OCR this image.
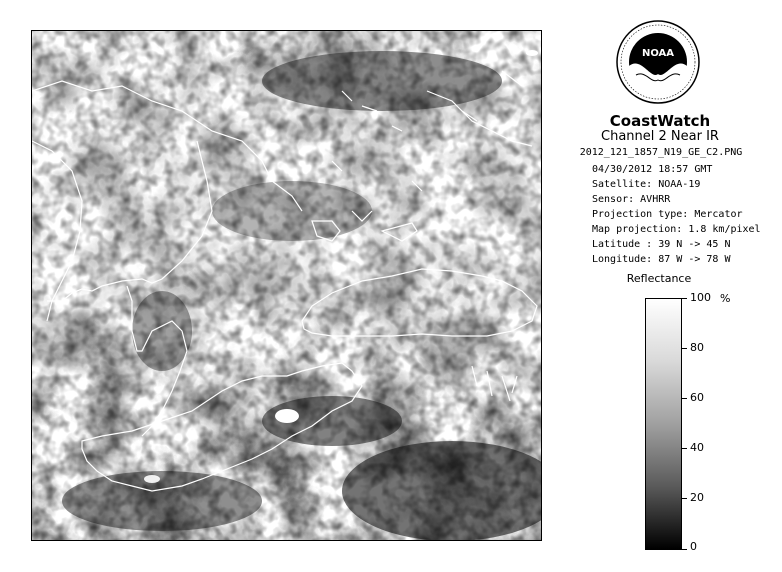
NOAA
CoastWatch
Channel 2 Near IR
2012_121_1857_N19_GE_C2.PNG
04/30/2012 18:57 GMT
Satellite: NOAA-19
Sensor: AVHRR
Projection type: Mercator
Map projection: 1.8 km/pixel
Latitude : 39 N -> 45 N
Longitude: 87 W -> 78 W
Reflectance
%
100
80
60
40
20
0
